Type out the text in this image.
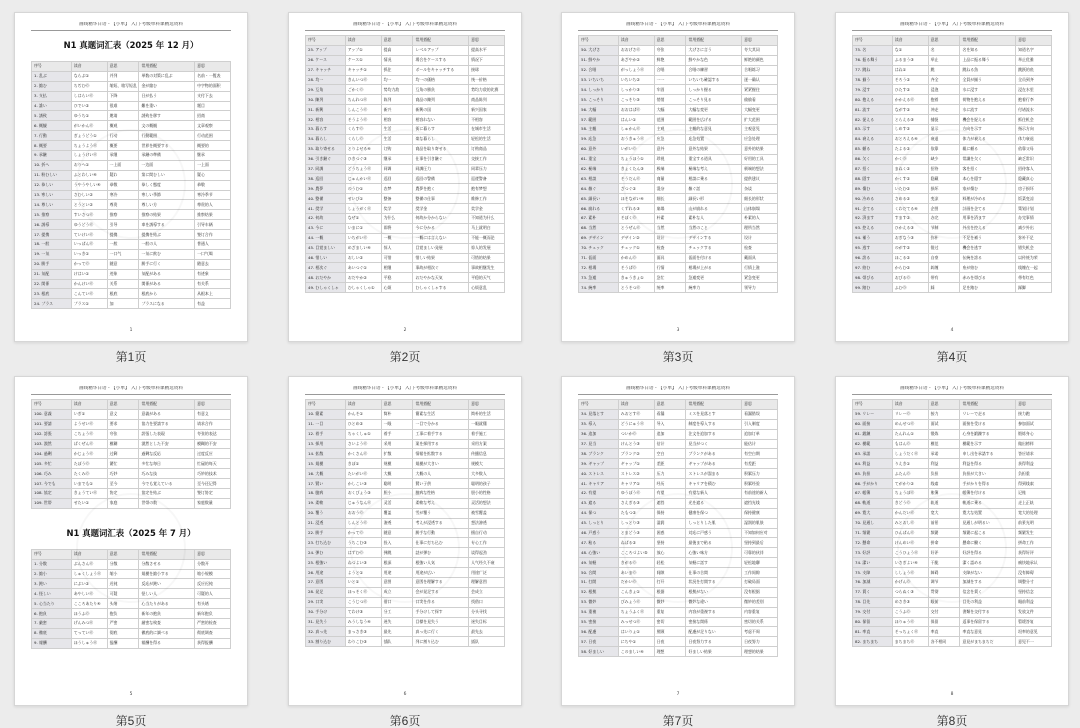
画线精华日语 - 【小单】 入门·考级单科课精选资料
N1 真题词汇表（2025 年 12 月）
序号	读音	意思	常用搭配	意思
1. 乱ぶ	ならぶ①	并列	単数の対策に乱ぶ	名前・一覧表
2. 縮む	ちぢむ⓪	缩短、缩写短乱	金が縮む	中字物的面积
3. 支払	しはらい⓪	下降	日が払う	支付下去
4. 誰い	ひでい②	很难	難を重い	题目
5. 誘致	ゆうち①	邀请	誘致を移す	招商
6. 概観	がいかん⓪	概观	文の概観	文章观察
7. 行動	ぎょうどう①	行动	行動範囲	行动范围
8. 概要	ちょうよう⓪	概要	世界を概要する	概要的
9. 承継	しょうけい⓪	承继	承継の準備	继承
10. 折へ	おりへ①	一上面	一边面	一上面
11. 粉むしい	ふとわしい④	疑わ	第に間むしい	疑心
12. 恭しい	うやうやしい④	恭敬	恭しく態度	恭敬
13. 寒しい	さむしい②	寒冷	寒しい季節	寒冷季节
14. 尊しい	とうとい②	尊贵	尊しい方	尊贵的人
15. 推察	すいさつ⓪	推察	推察の結果	推察结果
16. 誘導	ゆうどう⓪	引导	車を誘導する	引导车辆
17. 提携	ていけい⓪	提携	提携を結ぶ	签订合作
18. 一般	いっぱん⓪	一般	一般の人	普通人
19. 一気	いっき①	一口气	一気に飲む	一口气喝
20. 勝手	かって⓪	随意	勝手に行く	随意去
21. 気配	けはい①	迹象	気配がある	有迹象
22. 関係	かんけい⓪	关系	関係がある	有关系
23. 根底	こんてい⓪	根底	根底から	从根本上
24. プラス	プラス①	加	プラスになる	有益
1
第1页
画线精华日语 - 【小单】 入门·考级单科课精选资料
序号	读音	意思	常用搭配	意思
25. アップ	アップ①	提高	レベルアップ	提高水平
26. ケース	ケース①	情况	場合をケースする	情况下
27. キャッチ	キャッチ①	抓住	ボールをキャッチする	接球
28. 均一	きんいつ⓪	均一	均一の価格	统一价格
29. 互角	ごかく⓪	势均力敌	互角の勝負	势均力敌的比赛
30. 陳列	ちんれつ⓪	陈列	商品の陳列	商品陈列
31. 新興	しんこう⓪	新兴	新興の国	新兴国家
32. 相容	そうよう⓪	相容	相容れない	不相容
33. 暮らす	くらす⓪	生活	街に暮らす	在城市生活
34. 暮らし	くらし⓪	生活	楽な暮らし	轻松的生活
35. 取り寄せる	とりよせる④	订购	商品を取り寄せる	订购商品
36. 引き継ぐ	ひきつぐ③	继承	仕事を引き継ぐ	交接工作
37. 同調	どうちょう⓪	同调	同調圧力	同辈压力
38. 巡回	じゅんかい⓪	巡回	巡回の警備	巡逻警备
39. 農夢	のうむ①	农梦	農夢を抱く	抱有梦想
40. 整備	せいび①	整备	整備の仕事	维修工作
41. 奨学	しょうがく⓪	奖学	奨学金	奖学金
42. 何故	なぜ①	为什么	何故か分からない	不知道为什么
43. 今に	いまに①	即将	今に分かる	马上就明白
44. 一概	いちがい⓪	一概	一概には言えない	不能一概而论
45. 目覚ましい	めざましい④	惊人	目覚ましい発展	惊人的发展
46. 惜しい	おしい②	可惜	惜しい結果	可惜的结果
47. 相次ぐ	あいつぐ①	相继	事故が相次ぐ	事故相继发生
48. おだやか	おだやか②	平稳	おだやかな天気	平稳的天气
49. むしゃくしゃ	むしゃくしゃ①	心烦	むしゃくしゃする	心烦意乱
2
第2页
画线精华日语 - 【小单】 入门·考级单科课精选资料
序号	读音	意思	常用搭配	意思
50. 大げさ	おおげさ⓪	夸张	大げさに言う	夸大其词
51. 鮮やか	あざやか②	鲜艳	鮮やかな色	鲜艳的颜色
52. 合唱	がっしょう⓪	合唱	合唱の練習	合唱练习
53. いちいち	いちいち②	一一	いちいち確認する	逐一确认
54. しっかり	しっかり③	牢固	しっかり握る	紧紧握住
55. こっそり	こっそり③	悄悄	こっそり見る	偷偷看
56. 大幅	おおはば⓪	大幅	大幅な変更	大幅变更
57. 範囲	はんい①	范围	範囲を広げる	扩大范围
58. 主観	しゅかん⓪	主观	主観的な意見	主观意见
59. 応急	おうきゅう⓪	应急	応急処置	应急处理
60. 意外	いがい⓪	意外	意外な結果	意外的结果
61. 重宝	ちょうほう①	珍视	重宝する道具	好用的工具
62. 極端	きょくたん③	极端	極端な考え	极端的想法
63. 相談	そうだん⓪	商量	相談に乗る	提供建议
64. 雑ぐ	ざつぐ②	混杂	雑ぐ話	杂谈
65. 細長い	ほそながい④	细长	細長い形	细长的形状
66. 崩れる	くずれる③	崩塌	山が崩れる	山体崩塌
67. 素朴	そぼく⓪	朴素	素朴な人	朴素的人
68. 当然	とうぜん⓪	当然	当然のこと	理所当然
69. デザイン	デザイン②	设计	デザインする	设计
70. チェック	チェック①	检查	チェックする	检查
71. 仮面	かめん⓪	面具	仮面を付ける	戴面具
72. 相場	そうば⓪	行情	相場が上がる	行情上涨
73. 急遽	きゅうきょ①	急忙	急遽変更	紧急变更
74. 統率	とうそつ⓪	统率	統率力	领导力
3
第3页
画线精华日语 - 【小单】 入门·考级单科课精选资料
序号	读音	意思	常用搭配	意思
75. 名	な①	名	名を知る	知道名字
76. 振る舞う	ふるまう③	举止	上品に振る舞う	举止优雅
77. 跳ね	はね①	跳	跳ねる魚	跳跃的鱼
78. 揃う	そろう②	齐全	全員が揃う	全员到齐
79. 浸す	ひたす②	浸泡	水に浸す	浸在水里
80. 抱える	かかえる⓪	抱着	荷物を抱える	抱着行李
81. 流す	ながす②	冲走	水に流す	付诸流水
82. 捉える	とらえる③	捕捉	機会を捉える	抓住机会
83. 示す	しめす②	显示	方向を示す	指示方向
84. 衰える	おとろえる④	衰退	体力が衰える	体力衰退
85. 頼る	たよる②	依靠	親に頼る	依靠父母
86. 欠く	かく⓪	缺少	常識を欠く	缺乏常识
87. 招く	まねく②	招待	客を招く	招待客人
88. 隠す	かくす②	隐藏	本心を隠す	隐藏真心
89. 傷む	いたむ②	损坏	家が傷む	房子损坏
90. 冷める	さめる②	变凉	料理が冷める	饭菜变凉
91. 企てる	くわだてる④	企图	計画を企てる	策划计划
92. 済ます	すます②	办完	用事を済ます	办完事情
93. 控える	ひかえる③	节制	外出を控える	减少外出
94. 補う	おぎなう③	弥补	不足を補う	弥补不足
95. 逃す	のがす②	错过	機会を逃す	错失机会
96. 誇る	ほこる②	自豪	伝統を誇る	以传统为荣
97. 絡む	からむ②	纠缠	糸が絡む	线缠在一起
98. 帯びる	おびる⓪	带有	赤みを帯びる	带有红色
99. 踏む	ふむ⓪	踩	足を踏む	踩脚
4
第4页
画线精华日语 - 【小单】 入门·考级单科课精选资料
序号	读音	意思	常用搭配	意思
100. 意義	いぎ①	意义	意義がある	有意义
101. 要請	ようせい⓪	要求	協力を要請する	请求合作
102. 誇張	こちょう⓪	夸张	誇張した表現	夸张的表达
103. 漠然	ばくぜん⓪	模糊	漠然とした不安	模糊的不安
104. 過剰	かじょう⓪	过剩	過剰な反応	过度反应
105. 多忙	たぼう⓪	繁忙	多忙な毎日	忙碌的每天
106. 巧み	たくみ⓪	巧妙	巧みな技	巧妙的技术
107. 今でも	いまでも①	至今	今でも覚えている	至今还记得
108. 協定	きょうてい⓪	协定	協定を結ぶ	签订协定
109. 世帯	せたい①	家庭	世帯の数	家庭数量
N1 真题词汇表（2025 年 7 月）
序号	读音	意思	常用搭配	意思
1. 分散	ぶんさん⓪	分散	分散させる	分散开
2. 縮小	しゅくしょう⓪	缩小	規模を縮小する	缩小规模
3. 鈍い	にぶい②	迟钝	反応が鈍い	反应迟钝
4. 怪しい	あやしい⓪	可疑	怪しい人	可疑的人
5. 心当たり	こころあたり④	头绪	心当たりがある	有头绪
6. 抱負	ほうふ⓪	抱负	新年の抱負	新年抱负
7. 厳密	げんみつ⓪	严密	厳密な検査	严密的检查
8. 徹底	てってい⓪	彻底	徹底的に調べる	彻底调查
9. 報酬	ほうしゅう⓪	报酬	報酬を得る	获得报酬
5
第5页
画线精华日语 - 【小单】 入门·考级单科课精选资料
序号	读音	意思	常用搭配	意思
10. 簡素	かんそ①	简朴	簡素な生活	简朴的生活
11. 一目	ひとめ②	一眼	一目で分かる	一眼就懂
12. 着手	ちゃくしゅ①	着手	工事に着手する	着手施工
13. 採用	さいよう⓪	采用	案を採用する	采用方案
14. 拡散	かくさん⓪	扩散	情報を拡散する	传播信息
15. 規模	きぼ①	规模	規模が大きい	规模大
16. 大概	たいがい⓪	大概	大概の人	大多数人
17. 賢い	かしこい③	聪明	賢い子供	聪明的孩子
18. 臆病	おくびょう③	胆小	臆病な性格	胆小的性格
19. 柔軟	じゅうなん⓪	灵活	柔軟な考え	灵活的想法
20. 覆う	おおう⓪	覆盖	雪が覆う	被雪覆盖
21. 浸透	しんとう⓪	渗透	考えが浸透する	想法渗透
22. 勝手	かって⓪	随意	勝手な行動	擅自行动
23. 打ち込む	うちこむ③	投入	仕事に打ち込む	专心工作
24. 弾む	はずむ⓪	弹跳	話が弾む	谈得起劲
25. 根強い	ねづよい③	根深	根強い人気	人气经久不衰
26. 用途	ようと①	用途	用途が広い	用途广泛
27. 意図	いと①	意图	意図を理解する	理解意图
28. 発足	ほっそく⓪	成立	会が発足する	会成立
29. 口実	こうじつ⓪	借口	口実を作る	找借口
30. 手分け	てわけ③	分工	手分けして探す	分头寻找
31. 見失う	みうしなう④	迷失	目標を見失う	迷失目标
32. 真っ先	まっさき③	最先	真っ先に行く	最先去
33. 割り込む	わりこむ③	插队	列に割り込む	插队
6
第6页
画线精华日语 - 【小单】 入门·考级单科课精选资料
序号	读音	意思	常用搭配	意思
34. 見落とす	みおとす⓪	看漏	ミスを見落とす	看漏错误
35. 導入	どうにゅう⓪	导入	制度を導入する	引入制度
36. 追加	ついか⓪	追加	注文を追加する	追加订单
37. 見当	けんとう③	估计	見当がつく	能估计
38. ブランク	ブランク②	空白	ブランクがある	有空白期
39. ギャップ	ギャップ①	差距	ギャップがある	有差距
40. ストレス	ストレス②	压力	ストレスが溜まる	积累压力
41. キャリア	キャリア①	经历	キャリアを積む	积累经验
42. 有望	ゆうぼう⓪	有望	有望な新人	有前途的新人
43. 遮る	さえぎる③	遮挡	光を遮る	遮挡光线
44. 保つ	たもつ②	保持	健康を保つ	保持健康
45. しっとり	しっとり③	湿润	しっとりした肌	湿润的肌肤
46. 戸惑う	とまどう③	困惑	対応に戸惑う	不知如何应对
47. 粘る	ねばる②	坚持	最後まで粘る	坚持到最后
48. 心強い	こころづよい⑤	放心	心強い味方	可靠的伙伴
49. 気軽	きがる⓪	轻松	気軽に話す	轻松地聊
50. 合間	あいま⓪	间隙	仕事の合間	工作间隙
51. 打開	だかい⓪	打开	状況を打開する	打破局面
52. 根拠	こんきょ①	根据	根拠がない	没有根据
53. 微妙	びみょう⓪	微妙	微妙な違い	微妙的差别
54. 重複	ちょうふく⓪	重复	内容が重複する	内容重复
55. 密接	みっせつ⓪	密切	密接な関係	密切的关系
56. 配慮	はいりょ①	照顾	配慮が足りない	考虑不周
57. 日夜	にちや①	日夜	日夜努力する	日夜努力
58. 好ましい	このましい④	理想	好ましい結果	理想的结果
7
第7页
画线精华日语 - 【小单】 入门·考级单科课精选资料
序号	读音	意思	常用搭配	意思
59. リレー	リレー⓪	接力	リレーで走る	接力跑
60. 面接	めんせつ⓪	面试	面接を受ける	参加面试
61. 鍛錬	たんれん①	锻炼	心身を鍛錬する	锻炼身心
62. 模範	もはん⓪	模范	模範を示す	做出榜样
63. 承諾	しょうだく⓪	承诺	申し出を承諾する	答应请求
64. 利益	りえき①	利益	利益を得る	获得利益
65. 負担	ふたん⓪	负担	負担が大きい	负担重
66. 手がかり	てがかり②	线索	手がかりを得る	得到线索
67. 帳簿	ちょうぼ⓪	账簿	帳簿を付ける	记账
68. 軌道	きどう⓪	轨道	軌道に乗る	走上正轨
69. 寛大	かんだい⓪	宽大	寛大な処置	宽大的处理
70. 見通し	みとおし⓪	前景	見通しが明るい	前景光明
71. 頻繁	ひんぱん⓪	频繁	頻繁に起こる	频繁发生
72. 懸命	けんめい⓪	拼命	懸命に働く	拼命工作
73. 好評	こうひょう⓪	好评	好評を得る	获得好评
74. 潔い	いさぎよい④	干脆	潔く認める	痛快地承认
75. 支障	ししょう⓪	障碍	支障がない	没有障碍
76. 加減	かげん⓪	调节	加減をする	调整分寸
77. 貫く	つらぬく③	贯彻	信念を貫く	坚持信念
78. 目先	めさき③	眼前	目先の利益	眼前利益
79. 交付	こうふ⓪	交付	書類を交付する	发放文件
80. 保留	ほりゅう⓪	保留	返事を保留する	暂缓答复
81. 率直	そっちょく⓪	率直	率直な意見	坦率的意见
82. まちまち	まちまち⓪	各不相同	意見がまちまちだ	意见不一
8
第8页
